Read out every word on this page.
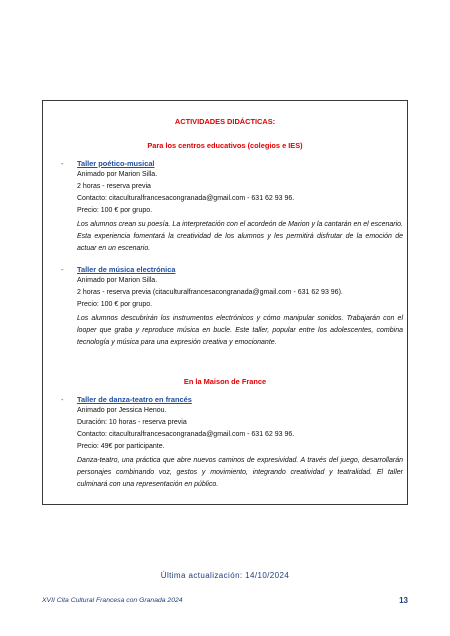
ACTIVIDADES DIDÁCTICAS:
Para los centros educativos (colegios e IES)
- Taller poético-musical
Animado por Marion Silla.
2 horas - reserva previa
Contacto: citaculturalfrancesacongranada@gmail.com - 631 62 93 96.
Precio: 100 € por grupo.
Los alumnos crean su poesía. La interpretación con el acordeón de Marion y la cantarán en el escenario. Esta experiencia fomentará la creatividad de los alumnos y les permitirá disfrutar de la emoción de actuar en un escenario.
- Taller de música electrónica
Animado por Marion Silla.
2 horas - reserva previa (citaculturalfrancesacongranada@gmail.com - 631 62 93 96).
Precio: 100 € por grupo.
Los alumnos descubrirán los instrumentos electrónicos y cómo manipular sonidos. Trabajarán con el looper que graba y reproduce música en bucle. Este taller, popular entre los adolescentes, combina tecnología y música para una expresión creativa y emocionante.
En la Maison de France
- Taller de danza-teatro en francés
Animado por Jessica Henou.
Duración: 10 horas - reserva previa
Contacto: citaculturalfrancesacongranada@gmail.com - 631 62 93 96.
Precio: 49€ por participante.
Danza-teatro, una práctica que abre nuevos caminos de expresividad. A través del juego, desarrollarán personajes combinando voz, gestos y movimiento, integrando creatividad y teatralidad. El taller culminará con una representación en público.
Última actualización: 14/10/2024
XVII Cita Cultural Francesa con Granada 2024	13
